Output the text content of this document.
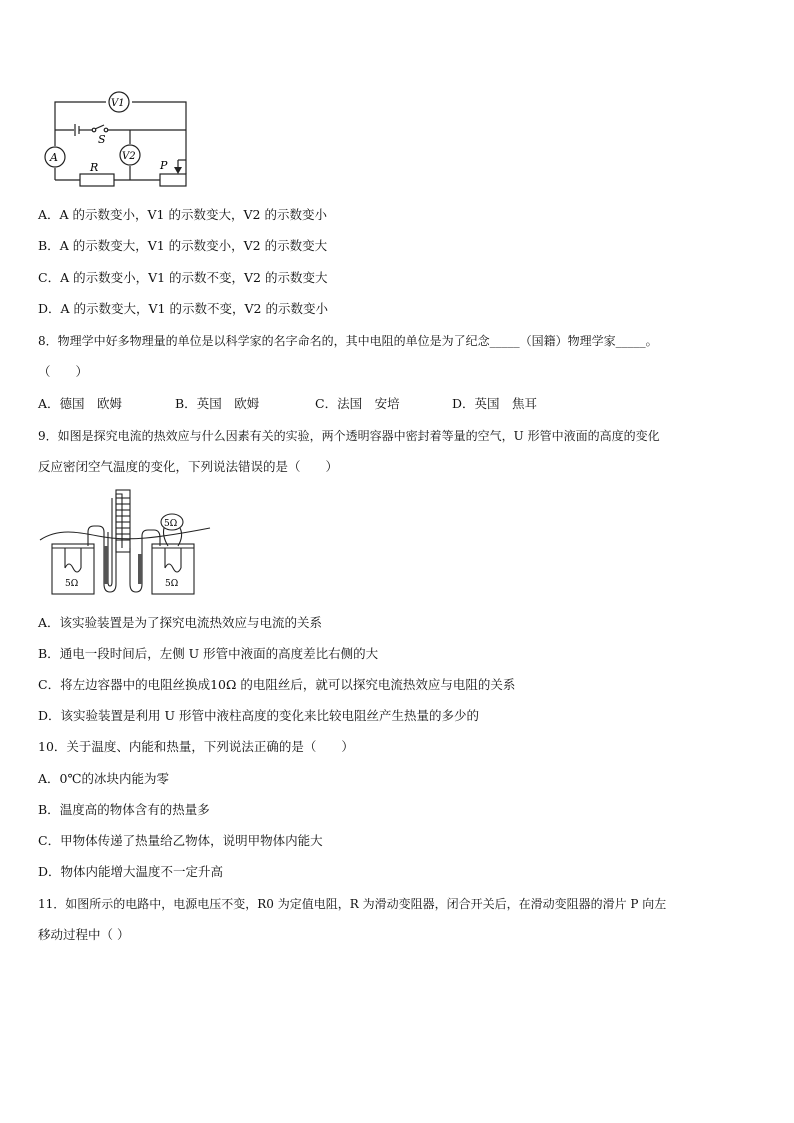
V1
S
A	V2
R	P
A．A 的示数变小，V1 的示数变大，V2 的示数变小
B．A 的示数变大，V1 的示数变小，V2 的示数变大
C．A 的示数变小，V1 的示数不变，V2 的示数变大
D．A 的示数变大，V1 的示数不变，V2 的示数变小
8．物理学中好多物理量的单位是以科学家的名字命名的，其中电阻的单位是为了纪念_____（国籍）物理学家_____。
（　　）
A．德国　欧姆	B．英国　欧姆	C．法国　安培	D．英国　焦耳
9．如图是探究电流的热效应与什么因素有关的实验，两个透明容器中密封着等量的空气，U 形管中液面的高度的变化
反应密闭空气温度的变化，下列说法错误的是（　　）
5Ω	5Ω
5Ω
A．该实验装置是为了探究电流热效应与电流的关系
B．通电一段时间后，左侧 U 形管中液面的高度差比右侧的大
C．将左边容器中的电阻丝换成10Ω 的电阻丝后，就可以探究电流热效应与电阻的关系
D．该实验装置是利用 U 形管中液柱高度的变化来比较电阻丝产生热量的多少的
10．关于温度、内能和热量，下列说法正确的是（　　）
A．0℃的冰块内能为零
B．温度高的物体含有的热量多
C．甲物体传递了热量给乙物体，说明甲物体内能大
D．物体内能增大温度不一定升高
11．如图所示的电路中，电源电压不变，R0 为定值电阻，R 为滑动变阻器，闭合开关后，在滑动变阻器的滑片 P 向左
移动过程中（ ）
